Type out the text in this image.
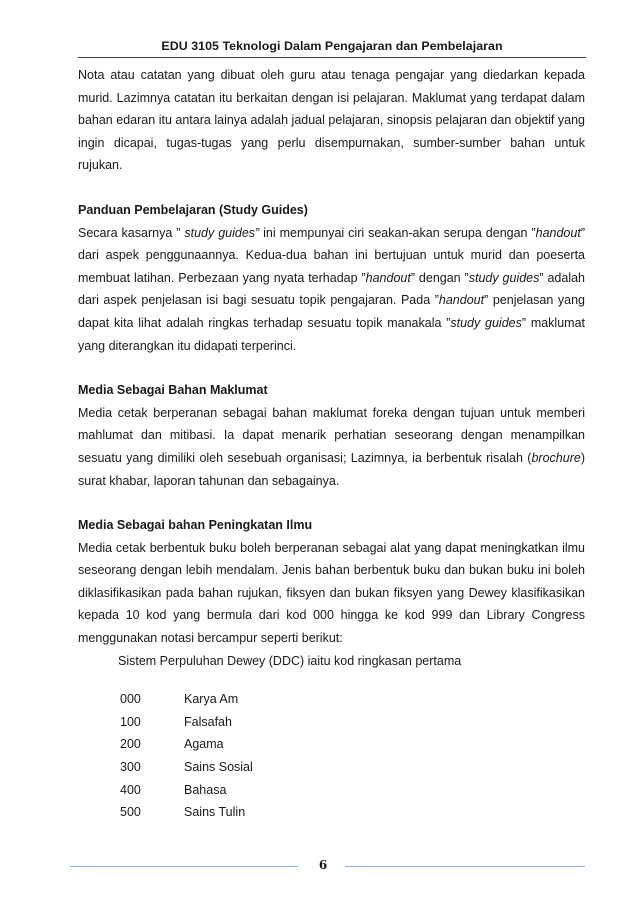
EDU 3105 Teknologi Dalam Pengajaran dan Pembelajaran

Nota atau catatan yang dibuat oleh guru atau tenaga pengajar yang diedarkan kepada murid. Lazimnya catatan itu berkaitan dengan isi pelajaran. Maklumat yang terdapat dalam bahan edaran itu antara lainya adalah jadual pelajaran, sinopsis pelajaran dan objektif yang ingin dicapai, tugas-tugas yang perlu disempurnakan, sumber-sumber bahan untuk rujukan.

Panduan Pembelajaran (Study Guides)

Secara kasarnya ” study guides” ini mempunyai ciri seakan-akan serupa dengan ”handout” dari aspek penggunaannya. Kedua-dua bahan ini bertujuan untuk murid dan poeserta membuat latihan. Perbezaan yang nyata terhadap ”handout” dengan ”study guides” adalah dari aspek penjelasan isi bagi sesuatu topik pengajaran. Pada ”handout” penjelasan yang dapat kita lihat adalah ringkas terhadap sesuatu topik manakala ”study guides” maklumat yang diterangkan itu didapati terperinci.

Media Sebagai Bahan Maklumat

Media cetak berperanan sebagai bahan maklumat foreka dengan tujuan untuk memberi mahlumat dan mitibasi. Ia dapat menarik perhatian seseorang dengan menampilkan sesuatu yang dimiliki oleh sesebuah organisasi; Lazimnya, ia berbentuk risalah (brochure) surat khabar, laporan tahunan dan sebagainya.

Media Sebagai bahan Peningkatan Ilmu

Media cetak berbentuk buku boleh berperanan sebagai alat yang dapat meningkatkan ilmu seseorang dengan lebih mendalam. Jenis bahan berbentuk buku dan bukan buku ini boleh diklasifikasikan pada bahan rujukan, fiksyen dan bukan fiksyen yang Dewey klasifikasikan kepada 10 kod yang bermula dari kod 000 hingga ke kod 999 dan Library Congress menggunakan notasi bercampur seperti berikut:

Sistem Perpuluhan Dewey (DDC) iaitu kod ringkasan pertama

000	Karya Am
100	Falsafah
200	Agama
300	Sains Sosial
400	Bahasa
500	Sains Tulin
6
